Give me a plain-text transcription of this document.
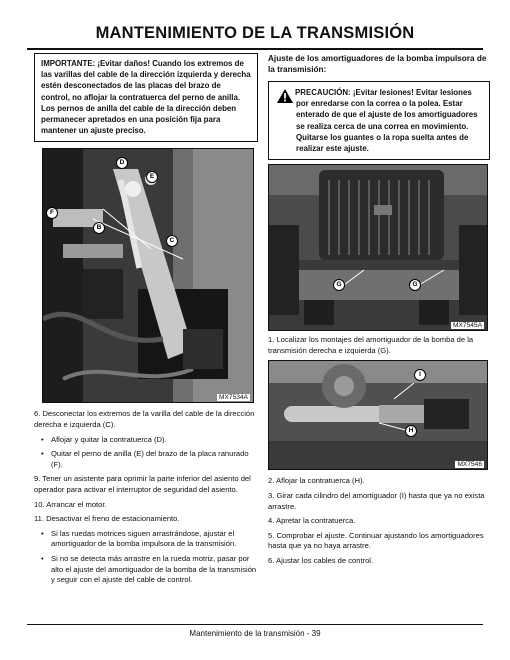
MANTENIMIENTO DE LA TRANSMISIÓN

IMPORTANTE: ¡Evitar daños! Cuando los extremos de las varillas del cable de la dirección izquierda y derecha estén desconectados de las placas del brazo de control, no aflojar la contratuerca del perno de anilla. Los pernos de anilla del cable de la dirección deben permanecer apretados en una posición fija para mantener un ajuste preciso.

D
E
F
B
C
MX7534A

6. Desconectar los extremos de la varilla del cable de la dirección derecha e izquierda (C).

• Aflojar y quitar la contratuerca (D).

• Quitar el perno de anilla (E) del brazo de la placa ranurado (F).

9. Tener un asistente para oprimir la parte inferior del asiento del operador para activar el interruptor de seguridad del asiento.

10. Arrancar el motor.

11. Desactivar el freno de estacionamiento.

• Si las ruedas motrices siguen arrastrándose, ajustar el amortiguador de la bomba impulsora de la transmisión.

• Si no se detecta más arrastre en la rueda motriz, pasar por alto el ajuste del amortiguador de la bomba de la transmisión y seguir con el ajuste del cable de control.

Ajuste de los amortiguadores de la bomba impulsora de la transmisión:

PRECAUCIÓN: ¡Evitar lesiones! Evitar lesiones por enredarse con la correa o la polea. Estar enterado de que el ajuste de los amortiguadores se realiza cerca de una correa en movimiento. Quitarse los guantes o la ropa suelta antes de realizar este ajuste.

G	G
MX7545A

1. Localizar los montajes del amortiguador de la bomba de la transmisión derecha e izquierda (G).

I
H
MX7546

2. Aflojar la contratuerca (H).

3. Girar cada cilindro del amortiguador (I) hasta que ya no exista arrastre.

4. Apretar la contratuerca.

5. Comprobar el ajuste. Continuar ajustando los amortiguadores hasta que ya no haya arrastre.

6. Ajustar los cables de control.

Mantenimiento de la transmisión - 39
